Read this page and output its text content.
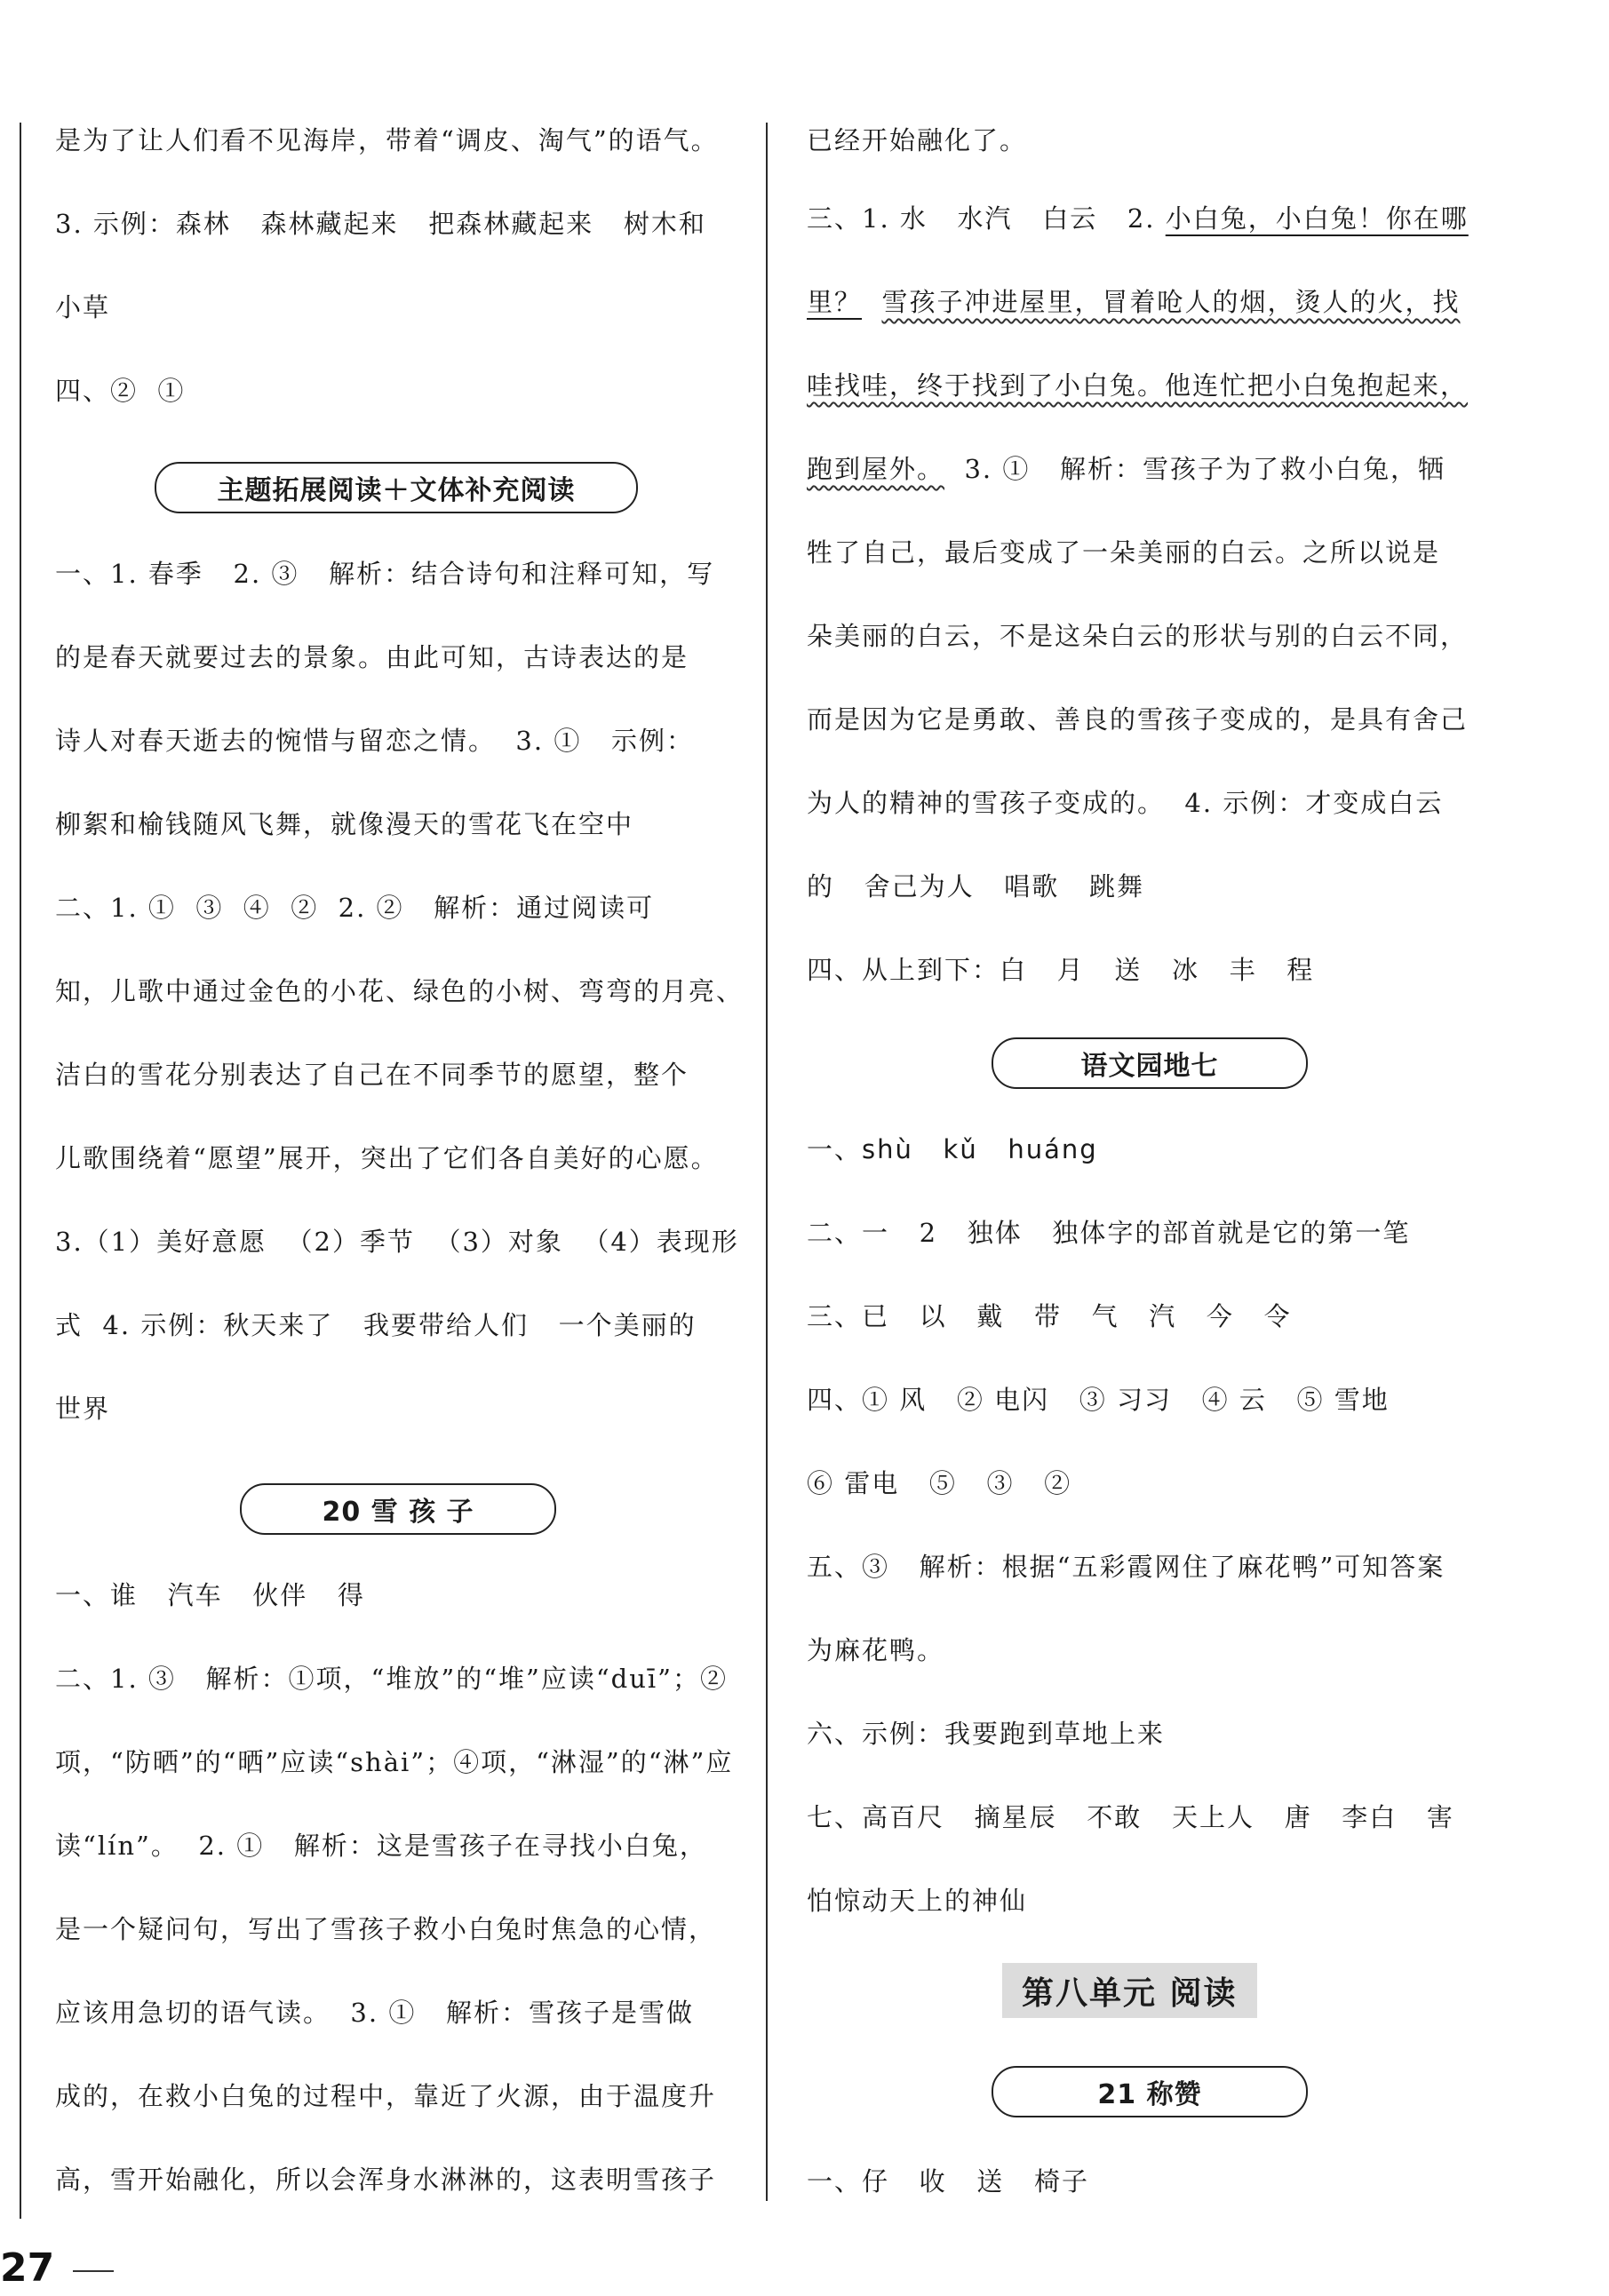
是为了让人们看不见海岸，带着“调皮、淘气”的语气。
3. 示例：森林   森林藏起来   把森林藏起来   树木和
小草
四、②  ①
主题拓展阅读＋文体补充阅读
一、1. 春季   2. ③   解析：结合诗句和注释可知，写
的是春天就要过去的景象。由此可知，古诗表达的是
诗人对春天逝去的惋惜与留恋之情。  3. ①   示例：
柳絮和榆钱随风飞舞，就像漫天的雪花飞在空中
二、1. ①  ③  ④  ②  2. ②   解析：通过阅读可
知，儿歌中通过金色的小花、绿色的小树、弯弯的月亮、
洁白的雪花分别表达了自己在不同季节的愿望，整个
儿歌围绕着“愿望”展开，突出了它们各自美好的心愿。
3.（1）美好意愿  （2）季节  （3）对象  （4）表现形
式  4. 示例：秋天来了   我要带给人们   一个美丽的
世界
20 雪 孩 子
一、谁   汽车   伙伴   得
二、1. ③   解析：①项，“堆放”的“堆”应读“duī”；②
项，“防晒”的“晒”应读“shài”；④项，“淋湿”的“淋”应
读“lín”。  2. ①   解析：这是雪孩子在寻找小白兔，
是一个疑问句，写出了雪孩子救小白兔时焦急的心情，
应该用急切的语气读。  3. ①   解析：雪孩子是雪做
成的，在救小白兔的过程中，靠近了火源，由于温度升
高，雪开始融化，所以会浑身水淋淋的，这表明雪孩子
已经开始融化了。
三、1. 水   水汽   白云   2. 小白兔，小白兔！你在哪
里？ 雪孩子冲进屋里，冒着呛人的烟，烫人的火，找
哇找哇，终于找到了小白兔。他连忙把小白兔抱起来，
跑到屋外。  3. ①   解析：雪孩子为了救小白兔，牺
牲了自己，最后变成了一朵美丽的白云。之所以说是
朵美丽的白云，不是这朵白云的形状与别的白云不同，
而是因为它是勇敢、善良的雪孩子变成的，是具有舍己
为人的精神的雪孩子变成的。  4. 示例：才变成白云
的   舍己为人   唱歌   跳舞
四、从上到下：白   月   送   冰   丰   程
语文园地七
一、shù   kǔ   huáng
二、一   2   独体   独体字的部首就是它的第一笔
三、已   以   戴   带   气   汽   今   令
四、① 风   ② 电闪   ③ 习习   ④ 云   ⑤ 雪地
⑥ 雷电   ⑤   ③   ②
五、③   解析：根据“五彩霞网住了麻花鸭”可知答案
为麻花鸭。
六、示例：我要跑到草地上来
七、高百尺   摘星辰   不敢   天上人   唐   李白   害
怕惊动天上的神仙
第八单元 阅读
21 称赞
一、仔   收   送   椅子
27
